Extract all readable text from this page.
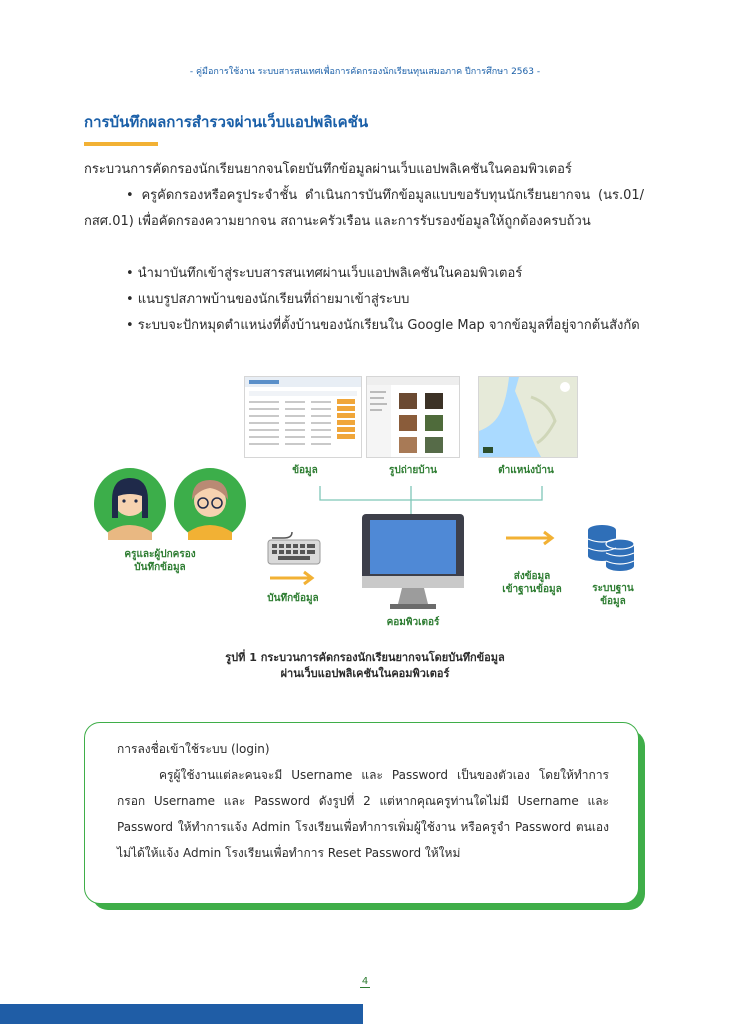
- คู่มือการใช้งาน ระบบสารสนเทศเพื่อการคัดกรองนักเรียนทุนเสมอภาค ปีการศึกษา 2563 -
การบันทึกผลการสำรวจผ่านเว็บแอปพลิเคชัน
กระบวนการคัดกรองนักเรียนยากจนโดยบันทึกข้อมูลผ่านเว็บแอปพลิเคชันในคอมพิวเตอร์
• ครูคัดกรองหรือครูประจำชั้น ดำเนินการบันทึกข้อมูลแบบขอรับทุนนักเรียนยากจน (นร.01/กสศ.01) เพื่อคัดกรองความยากจน สถานะครัวเรือน และการรับรองข้อมูลให้ถูกต้องครบถ้วน
• นำมาบันทึกเข้าสู่ระบบสารสนเทศผ่านเว็บแอปพลิเคชันในคอมพิวเตอร์
• แนบรูปสภาพบ้านของนักเรียนที่ถ่ายมาเข้าสู่ระบบ
• ระบบจะปักหมุดตำแหน่งที่ตั้งบ้านของนักเรียนใน Google Map จากข้อมูลที่อยู่จากต้นสังกัด
ข้อมูล	รูปถ่ายบ้าน	ตำแหน่งบ้าน
ครูและผู้ปกครอง
บันทึกข้อมูล
บันทึกข้อมูล
คอมพิวเตอร์
ส่งข้อมูล
เข้าฐานข้อมูล	ระบบฐาน
ข้อมูล
รูปที่ 1 กระบวนการคัดกรองนักเรียนยากจนโดยบันทึกข้อมูล
ผ่านเว็บแอปพลิเคชันในคอมพิวเตอร์
การลงชื่อเข้าใช้ระบบ (login)
ครูผู้ใช้งานแต่ละคนจะมี Username และ Password เป็นของตัวเอง โดยให้ทำการกรอก Username และ Password ดังรูปที่ 2 แต่หากคุณครูท่านใดไม่มี Username และ Password ให้ทำการแจ้ง Admin โรงเรียนเพื่อทำการเพิ่มผู้ใช้งาน หรือครูจำ Password ตนเองไม่ได้ให้แจ้ง Admin โรงเรียนเพื่อทำการ Reset Password ให้ใหม่
4
